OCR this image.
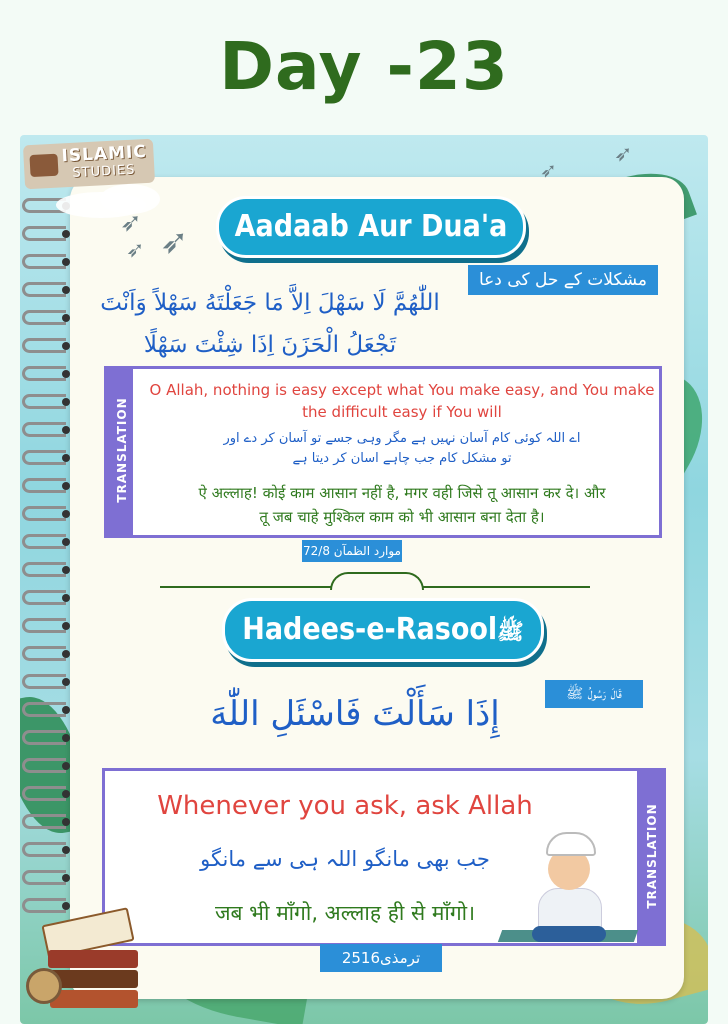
Day -23
ISLAMIC
STUDIES
➶ ➶
➶
➶
➶
Aadaab Aur Dua'a
مشکلات کے حل کی دعا
اللّٰهُمَّ لَا سَهْلَ اِلاَّ مَا جَعَلْتَهُ سَهْلاً وَاَنْتَ
تَجْعَلُ الْحَزَنَ اِذَا شِئْتَ سَهْلًا
TRANSLATION
O Allah, nothing is easy except what You make easy, and You make the difficult easy if You will
اے اللہ کوئی کام آسان نہیں ہے مگر وہی جسے تو آسان کر دے اور
تو مشکل کام جب چاہے اسان کر دیتا ہے
ऐ अल्लाह! कोई काम आसान नहीं है, मगर वही जिसे तू आसान कर दे। और
तू जब चाहे मुश्किल काम को भी आसान बना देता है।
موارد الظمآن 72/8
Hadees-e-Rasoolﷺ
قَالَ رَسُولُ ﷺ
إِذَا سَأَلْتَ فَاسْئَلِ اللّٰهَ
Whenever you ask, ask Allah
جب بھی مانگو اللہ ہی سے مانگو
जब भी माँगो, अल्लाह ही से माँगो।
TRANSLATION
ترمذی2516
